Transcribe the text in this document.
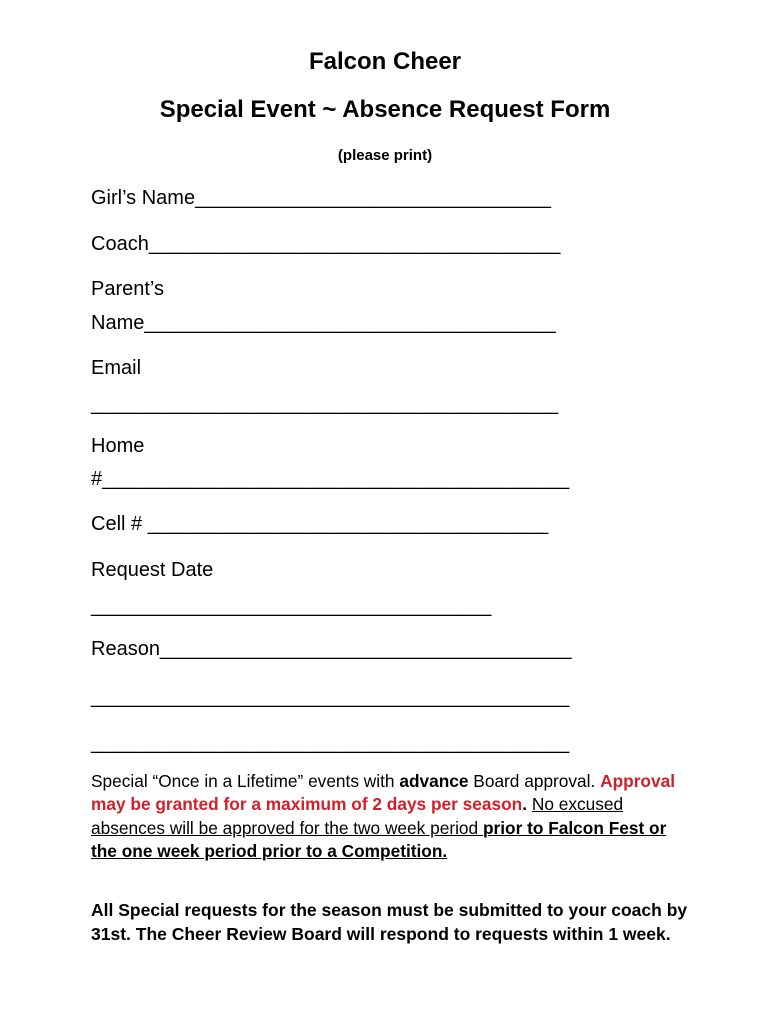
Falcon Cheer
Special Event ~ Absence Request Form
(please print)
Girl’s Name________________________________
Coach_____________________________________
Parent’s
Name_____________________________________
Email
__________________________________________
Home
#__________________________________________
Cell # ____________________________________
Request Date
____________________________________
Reason_____________________________________
___________________________________________
___________________________________________
Special “Once in a Lifetime” events with advance Board approval. Approval may be granted for a maximum of 2 days per season. No excused absences will be approved for the two week period prior to Falcon Fest or the one week period prior to a Competition.
All Special requests for the season must be submitted to your coach by 31st. The Cheer Review Board will respond to requests within 1 week.
